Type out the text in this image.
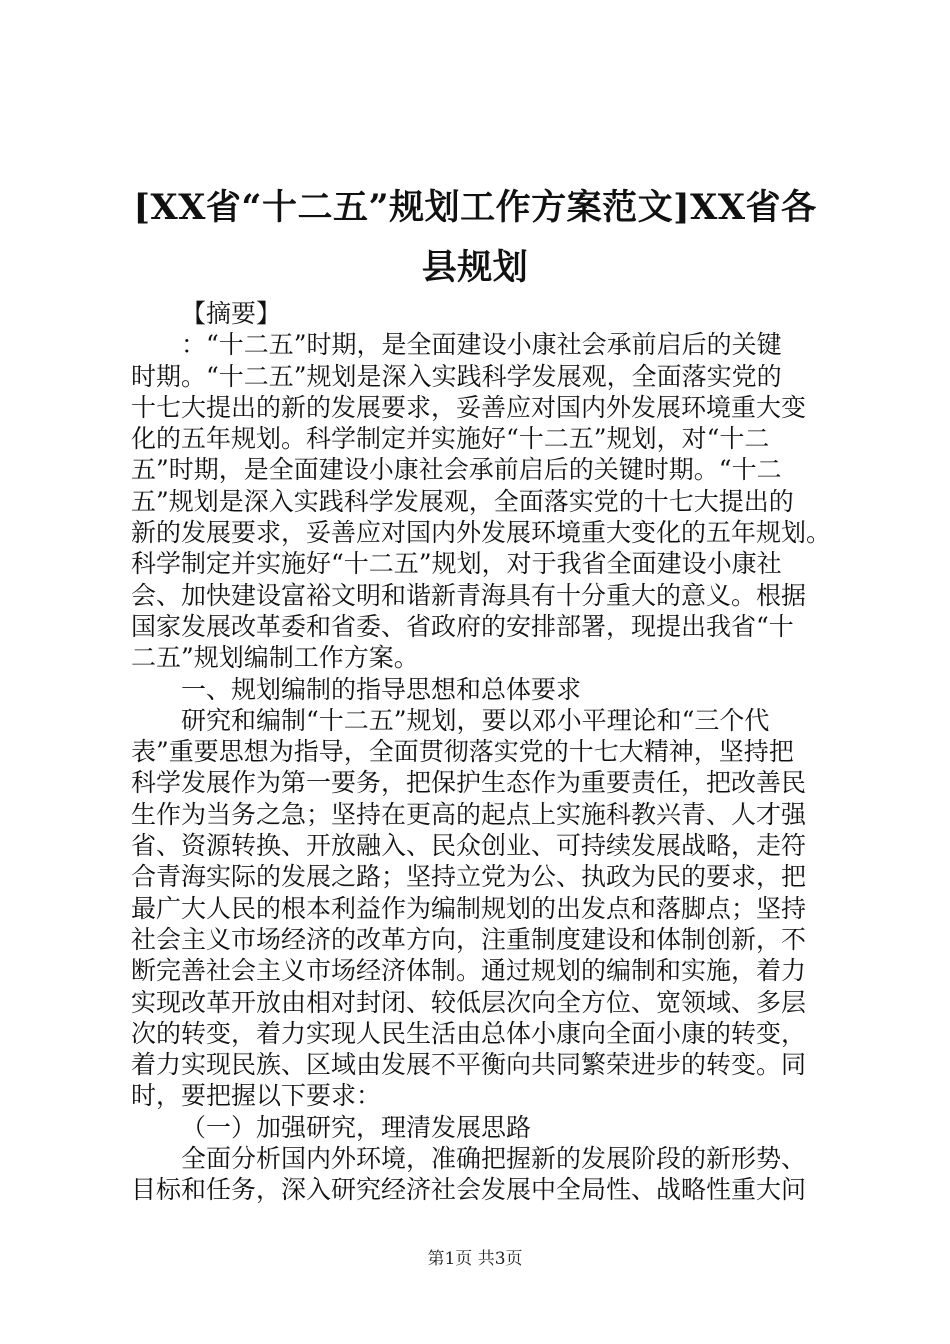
[XX省“十二五”规划工作方案范文]XX省各
县规划
【摘要】
：“十二五”时期，是全面建设小康社会承前启后的关键
时期。“十二五”规划是深入实践科学发展观，全面落实党的
十七大提出的新的发展要求，妥善应对国内外发展环境重大变
化的五年规划。科学制定并实施好“十二五”规划，对“十二
五”时期，是全面建设小康社会承前启后的关键时期。“十二
五”规划是深入实践科学发展观，全面落实党的十七大提出的
新的发展要求，妥善应对国内外发展环境重大变化的五年规划。
科学制定并实施好“十二五”规划，对于我省全面建设小康社
会、加快建设富裕文明和谐新青海具有十分重大的意义。根据
国家发展改革委和省委、省政府的安排部署，现提出我省“十
二五”规划编制工作方案。
一、规划编制的指导思想和总体要求
研究和编制“十二五”规划，要以邓小平理论和“三个代
表”重要思想为指导，全面贯彻落实党的十七大精神，坚持把
科学发展作为第一要务，把保护生态作为重要责任，把改善民
生作为当务之急；坚持在更高的起点上实施科教兴青、人才强
省、资源转换、开放融入、民众创业、可持续发展战略，走符
合青海实际的发展之路；坚持立党为公、执政为民的要求，把
最广大人民的根本利益作为编制规划的出发点和落脚点；坚持
社会主义市场经济的改革方向，注重制度建设和体制创新，不
断完善社会主义市场经济体制。通过规划的编制和实施，着力
实现改革开放由相对封闭、较低层次向全方位、宽领域、多层
次的转变，着力实现人民生活由总体小康向全面小康的转变，
着力实现民族、区域由发展不平衡向共同繁荣进步的转变。同
时，要把握以下要求：
（一）加强研究，理清发展思路
全面分析国内外环境，准确把握新的发展阶段的新形势、
目标和任务，深入研究经济社会发展中全局性、战略性重大问
第1页 共3页
